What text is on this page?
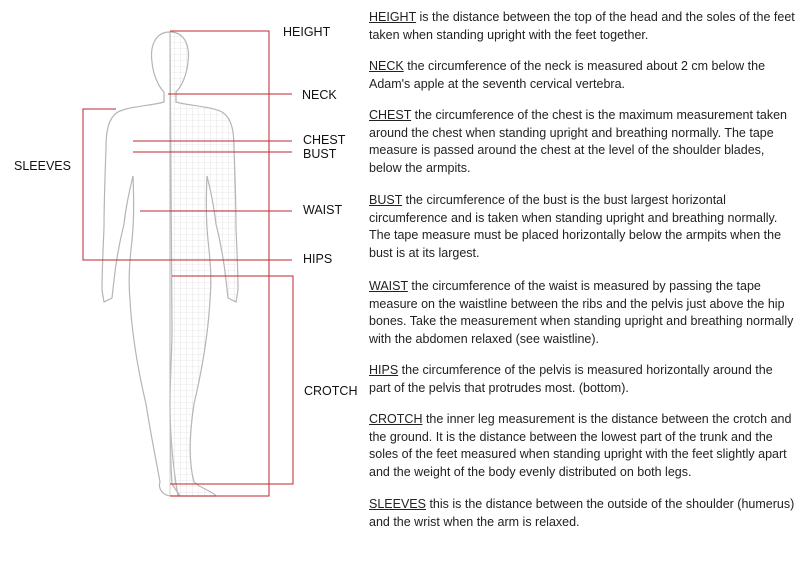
HEIGHT
NECK
CHEST
BUST
SLEEVES
WAIST
HIPS
CROTCH

HEIGHT is the distance between the top of the head and the soles of the feet taken when standing upright with the feet together.

NECK the circumference of the neck is measured about 2 cm below the Adam's apple at the seventh cervical vertebra.

CHEST the circumference of the chest is the maximum measurement taken around the chest when standing upright and breathing normally. The tape measure is passed around the chest at the level of the shoulder blades, below the armpits.

BUST the circumference of the bust is the bust largest horizontal circumference and is taken when standing upright and breathing normally. The tape measure must be placed horizontally below the armpits when the bust is at its largest.

WAIST the circumference of the waist is measured by passing the tape measure on the waistline between the ribs and the pelvis just above the hip bones. Take the measurement when standing upright and breathing normally with the abdomen relaxed (see waistline).

HIPS the circumference of the pelvis is measured horizontally around the part of the pelvis that protrudes most. (bottom).

CROTCH the inner leg measurement is the distance between the crotch and the ground. It is the distance between the lowest part of the trunk and the soles of the feet measured when standing upright with the feet slightly apart and the weight of the body evenly distributed on both legs.

SLEEVES this is the distance between the outside of the shoulder (humerus) and the wrist when the arm is relaxed.
